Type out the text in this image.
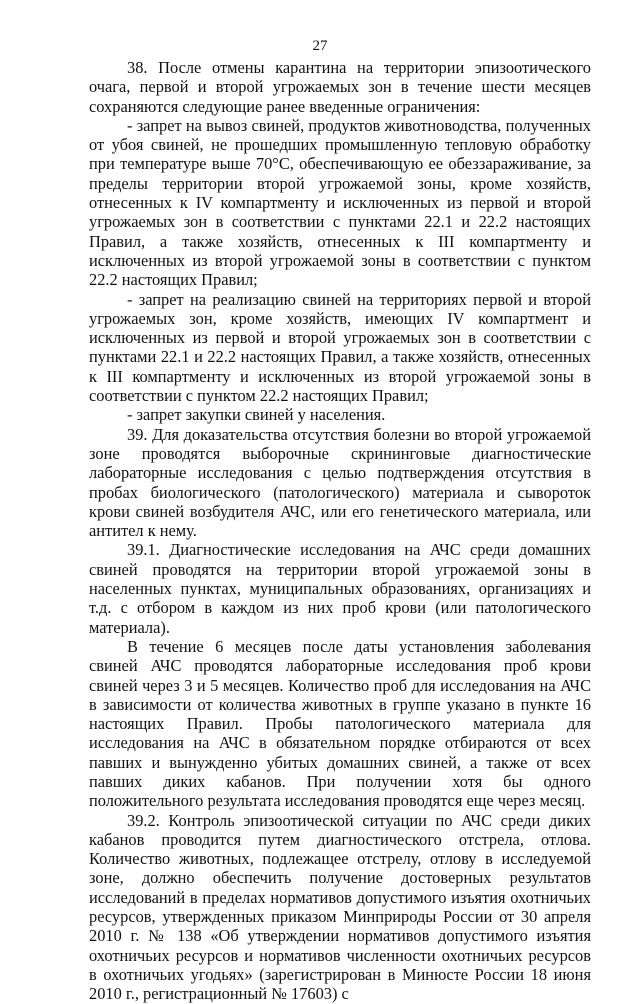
27

38. После отмены карантина на территории эпизоотического очага, первой и второй угрожаемых зон в течение шести месяцев сохраняются следующие ранее введенные ограничения:

- запрет на вывоз свиней, продуктов животноводства, полученных от убоя свиней, не прошедших промышленную тепловую обработку при температуре выше 70°С, обеспечивающую ее обеззараживание, за пределы территории второй угрожаемой зоны, кроме хозяйств, отнесенных к IV компартменту и исключенных из первой и второй угрожаемых зон в соответствии с пунктами 22.1 и 22.2 настоящих Правил, а также хозяйств, отнесенных к III компартменту и исключенных из второй угрожаемой зоны в соответствии с пунктом 22.2 настоящих Правил;

- запрет на реализацию свиней на территориях первой и второй угрожаемых зон, кроме хозяйств, имеющих IV компартмент и исключенных из первой и второй угрожаемых зон в соответствии с пунктами 22.1 и 22.2 настоящих Правил, а также хозяйств, отнесенных к III компартменту и исключенных из второй угрожаемой зоны в соответствии с пунктом 22.2 настоящих Правил;

- запрет закупки свиней у населения.

39. Для доказательства отсутствия болезни во второй угрожаемой зоне проводятся выборочные скрининговые диагностические лабораторные исследования с целью подтверждения отсутствия в пробах биологического (патологического) материала и сывороток крови свиней возбудителя АЧС, или его генетического материала, или антител к нему.

39.1. Диагностические исследования на АЧС среди домашних свиней проводятся на территории второй угрожаемой зоны в населенных пунктах, муниципальных образованиях, организациях и т.д. с отбором в каждом из них проб крови (или патологического материала).

В течение 6 месяцев после даты установления заболевания свиней АЧС проводятся лабораторные исследования проб крови свиней через 3 и 5 месяцев. Количество проб для исследования на АЧС в зависимости от количества животных в группе указано в пункте 16 настоящих Правил. Пробы патологического материала для исследования на АЧС в обязательном порядке отбираются от всех павших и вынужденно убитых домашних свиней, а также от всех павших диких кабанов. При получении хотя бы одного положительного результата исследования проводятся еще через месяц.

39.2. Контроль эпизоотической ситуации по АЧС среди диких кабанов проводится путем диагностического отстрела, отлова. Количество животных, подлежащее отстрелу, отлову в исследуемой зоне, должно обеспечить получение достоверных результатов исследований в пределах нормативов допустимого изъятия охотничьих ресурсов, утвержденных приказом Минприроды России от 30 апреля 2010 г. № 138 «Об утверждении нормативов допустимого изъятия охотничьих ресурсов и нормативов численности охотничьих ресурсов в охотничьих угодьях» (зарегистрирован в Минюсте России 18 июня 2010 г., регистрационный № 17603) с
